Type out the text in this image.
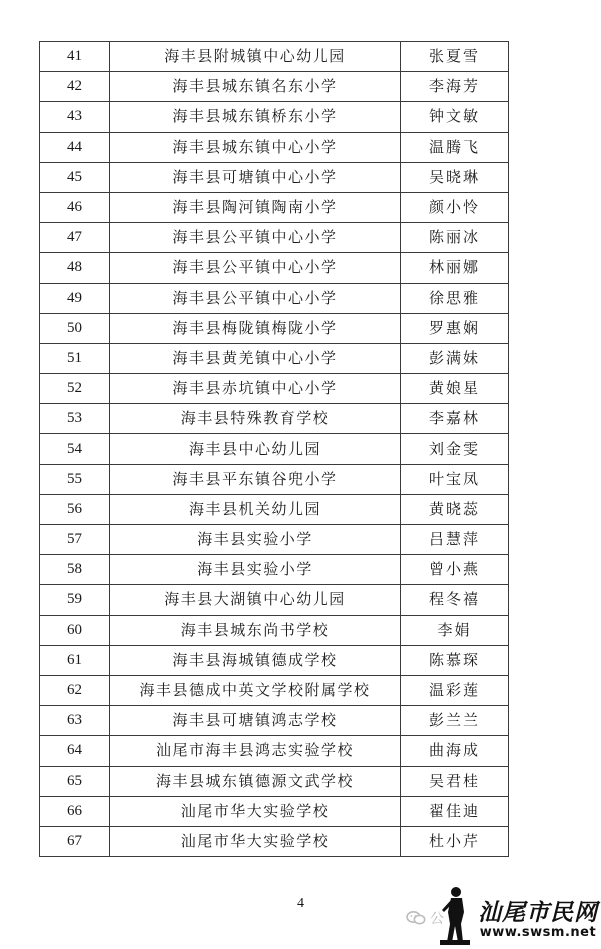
41	海丰县附城镇中心幼儿园	张夏雪
42	海丰县城东镇名东小学	李海芳
43	海丰县城东镇桥东小学	钟文敏
44	海丰县城东镇中心小学	温腾飞
45	海丰县可塘镇中心小学	吴晓琳
46	海丰县陶河镇陶南小学	颜小怜
47	海丰县公平镇中心小学	陈丽冰
48	海丰县公平镇中心小学	林丽娜
49	海丰县公平镇中心小学	徐思雅
50	海丰县梅陇镇梅陇小学	罗惠娴
51	海丰县黄羌镇中心小学	彭满妹
52	海丰县赤坑镇中心小学	黄娘星
53	海丰县特殊教育学校	李嘉林
54	海丰县中心幼儿园	刘金雯
55	海丰县平东镇谷兜小学	叶宝凤
56	海丰县机关幼儿园	黄晓蕊
57	海丰县实验小学	吕慧萍
58	海丰县实验小学	曾小燕
59	海丰县大湖镇中心幼儿园	程冬禧
60	海丰县城东尚书学校	李娟
61	海丰县海城镇德成学校	陈慕琛
62	海丰县德成中英文学校附属学校	温彩莲
63	海丰县可塘镇鸿志学校	彭兰兰
64	汕尾市海丰县鸿志实验学校	曲海成
65	海丰县城东镇德源文武学校	吴君桂
66	汕尾市华大实验学校	翟佳迪
67	汕尾市华大实验学校	杜小芹
4
公 汕尾市民网
www.swsm.net
